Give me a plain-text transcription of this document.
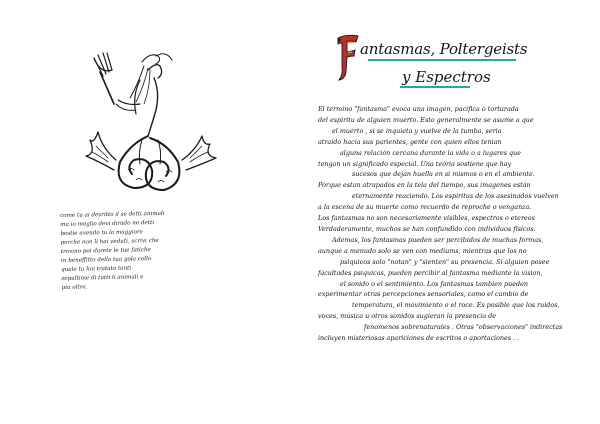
come tu ai desritto il se detti animali
ma io meglio devi dirado ne detti
bestie avendo tu la maggiore
perche non li hai veduti, scrivi che
trovino poi darete le tue fatiche
in beneffitto della tua gola collo
quale tu hai tratato tanti
sepultime di tutti li animali e
piu oltre.
antasmas, Poltergeists
y Espectros
El termino "fantasma" evoca una imagen, pacifica o torturada
del espiritu de alguien muerto. Esto generalmente se asume a que
el muerto , si se inquieta y vuelve de la tumba, seria
atraido hacia sus parientes, gente con quien ellos tenian
alguna relación cercana durante la vida o a lugares que
tengan un significado especial. Una teoria sostiene que hay
sucesos que dejan huella en si mismos o en el ambiente.
Porque estan atrapados en la tela del tiempo, sus imagenes están
eternamente reaciendo. Los espiritus de los asesinados vuelven
a la escena de su muerte como recuerdo de reproche o venganza.
Los fantasmas no son necesariamente visibles, espectros o etereos
Verdaderamente, muchos se han confundido con individuos físicos.
Ademas, los fantasmas pueden ser percibidos de muchas formas,
aunque a menudo solo se ven con mediums, mientras que los no
psiquicos solo "notan" y "sienten" su presencia. Si alguien posee
facultades psiquicas, pueden percibir al fantasma mediante la vision,
el sonido o el sentimiento. Los fantasmas tambien pueden
experimentar otras percepciones sensoriales, como el cambio de
temperatura, el movimiento o el roce. Es posible que los ruidos,
voces, música u otros sonidos sugieran la presencia de
fenomenos sobrenaturales . Otras "observaciones" indirectas
incluyen misteriosas apariciones de escritos o aportaciones . .
